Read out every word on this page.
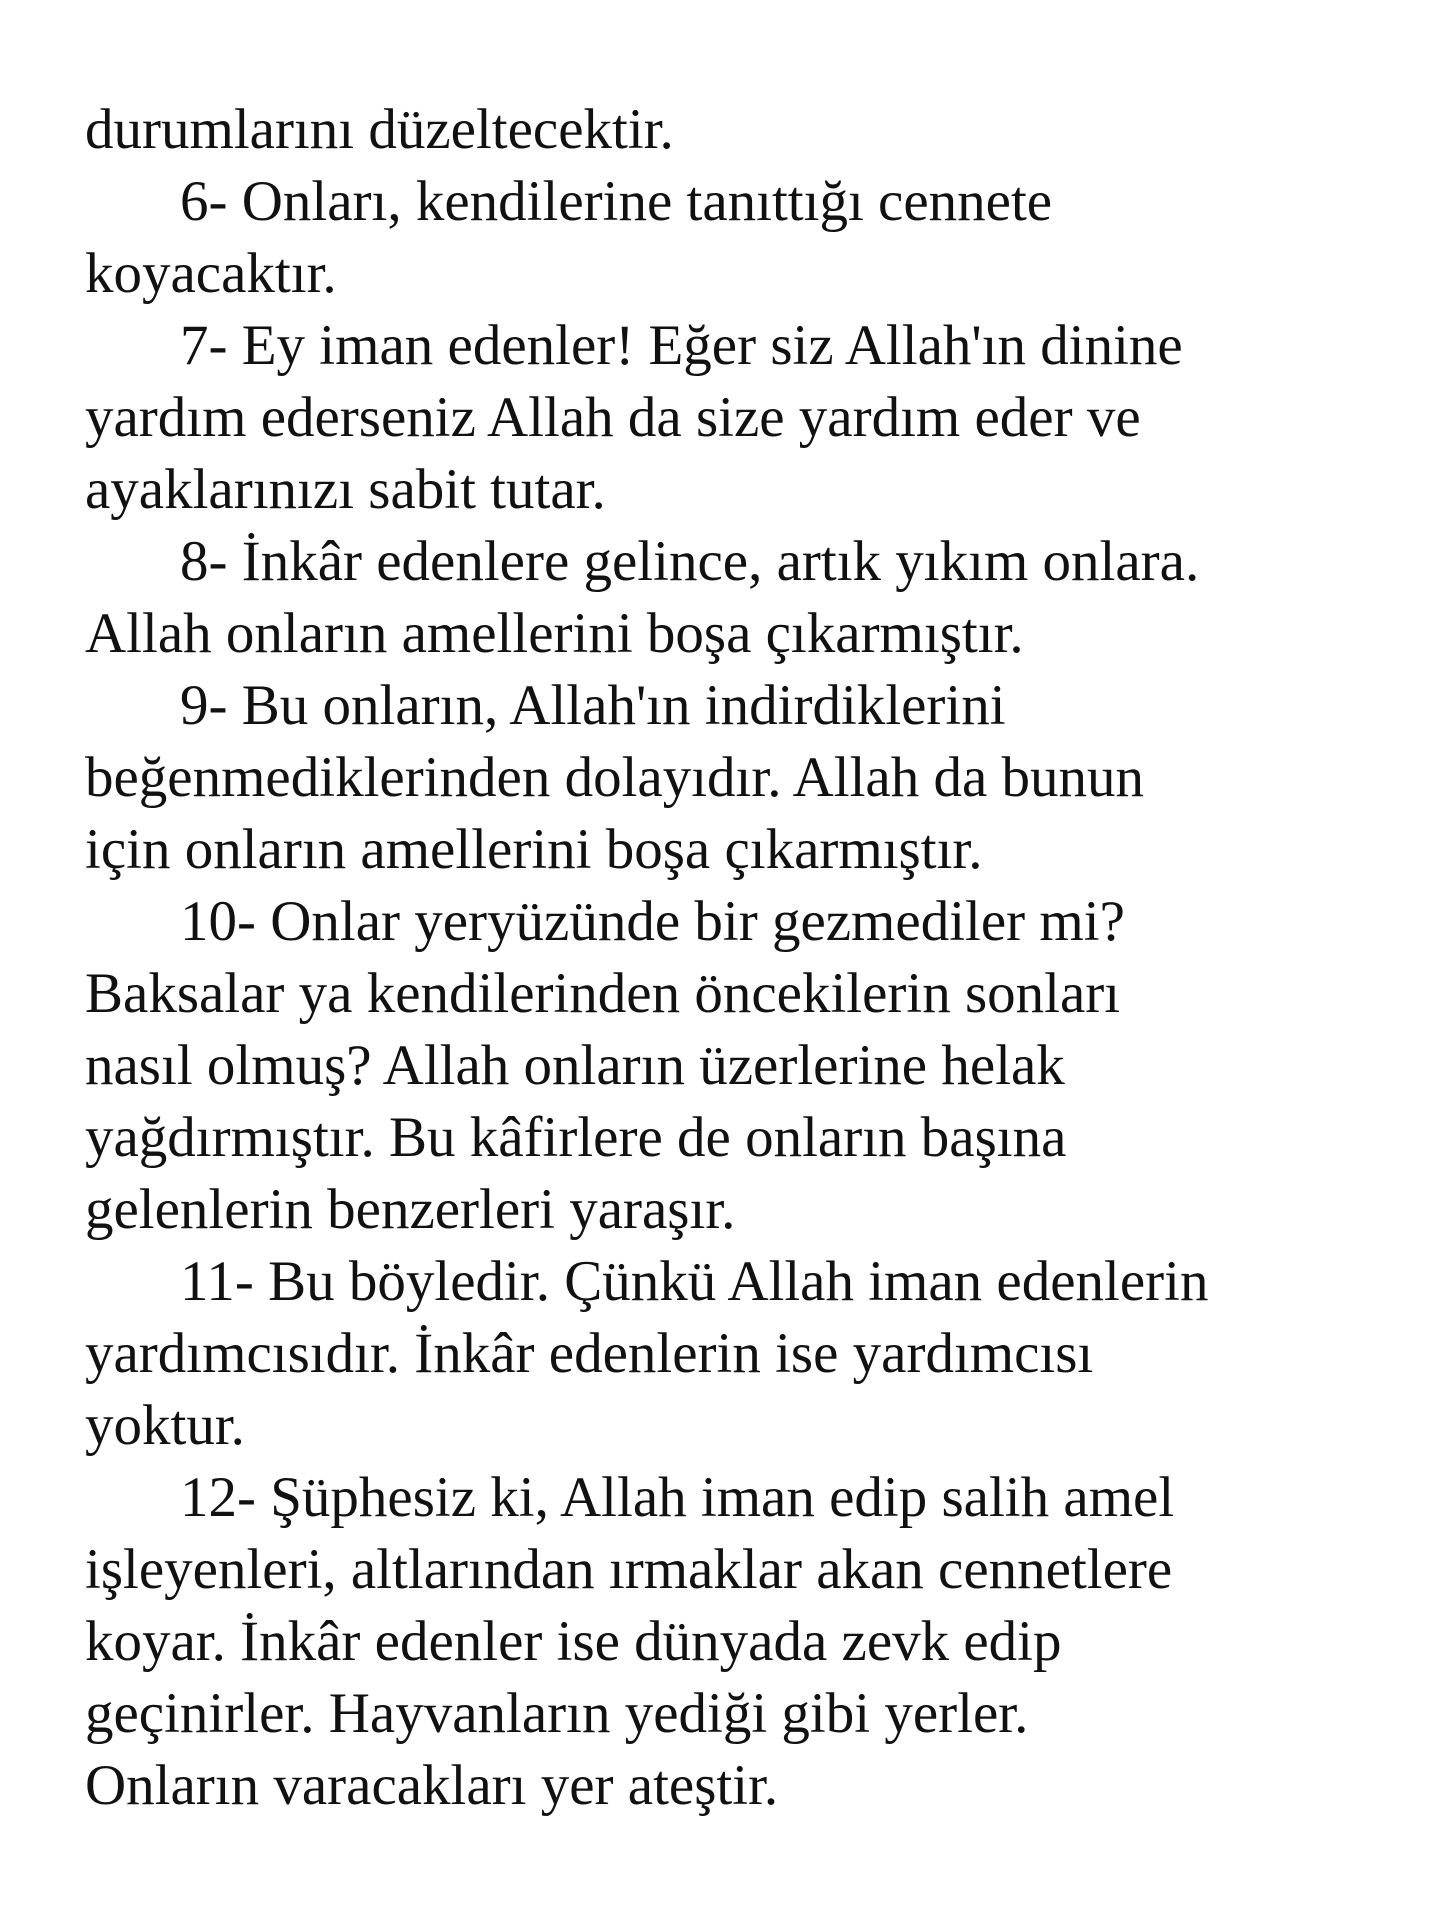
durumlarını düzeltecektir.
6- Onları, kendilerine tanıttığı cennete
koyacaktır.
7- Ey iman edenler! Eğer siz Allah'ın dinine
yardım ederseniz Allah da size yardım eder ve
ayaklarınızı sabit tutar.
8- İnkâr edenlere gelince, artık yıkım onlara.
Allah onların amellerini boşa çıkarmıştır.
9- Bu onların, Allah'ın indirdiklerini
beğenmediklerinden dolayıdır. Allah da bunun
için onların amellerini boşa çıkarmıştır.
10- Onlar yeryüzünde bir gezmediler mi?
Baksalar ya kendilerinden öncekilerin sonları
nasıl olmuş? Allah onların üzerlerine helak
yağdırmıştır. Bu kâfirlere de onların başına
gelenlerin benzerleri yaraşır.
11- Bu böyledir. Çünkü Allah iman edenlerin
yardımcısıdır. İnkâr edenlerin ise yardımcısı
yoktur.
12- Şüphesiz ki, Allah iman edip salih amel
işleyenleri, altlarından ırmaklar akan cennetlere
koyar. İnkâr edenler ise dünyada zevk edip
geçinirler. Hayvanların yediği gibi yerler.
Onların varacakları yer ateştir.
